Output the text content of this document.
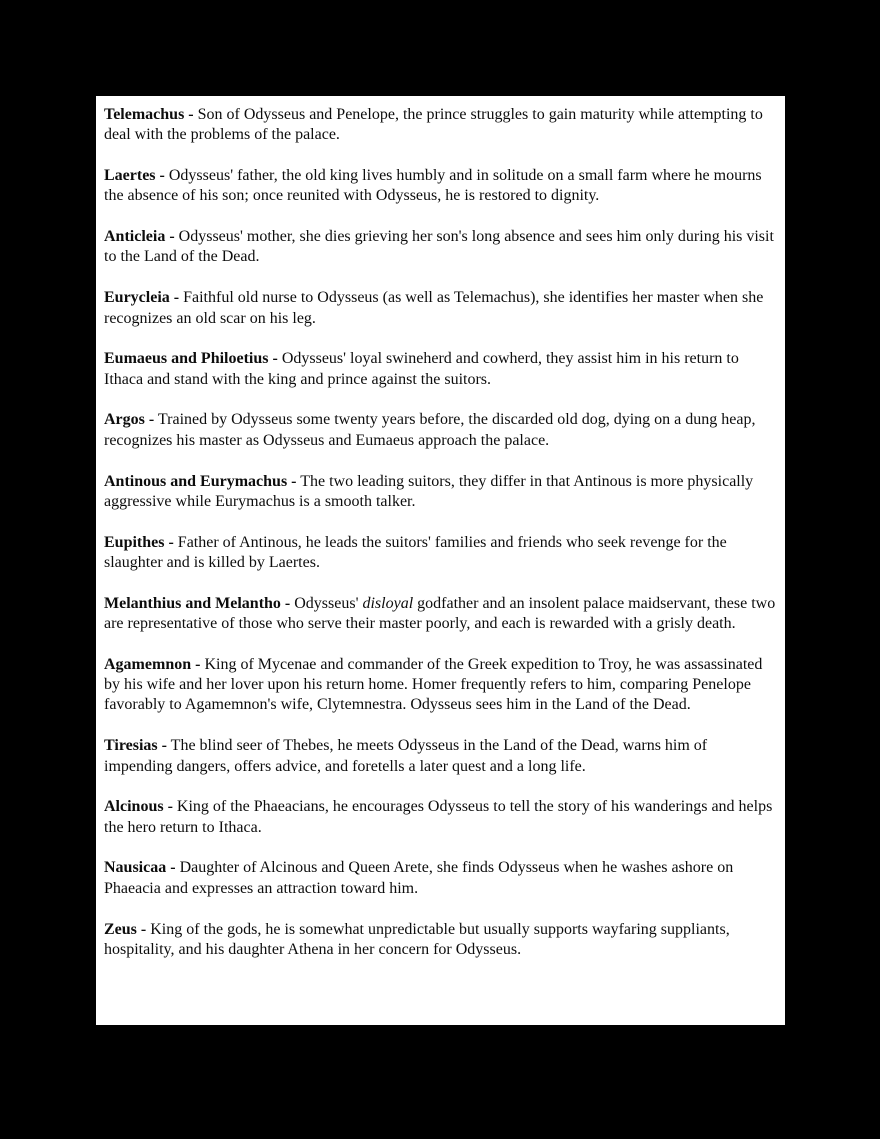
Telemachus - Son of Odysseus and Penelope, the prince struggles to gain maturity while attempting to deal with the problems of the palace.

Laertes - Odysseus' father, the old king lives humbly and in solitude on a small farm where he mourns the absence of his son; once reunited with Odysseus, he is restored to dignity.

Anticleia - Odysseus' mother, she dies grieving her son's long absence and sees him only during his visit to the Land of the Dead.

Eurycleia - Faithful old nurse to Odysseus (as well as Telemachus), she identifies her master when she recognizes an old scar on his leg.

Eumaeus and Philoetius - Odysseus' loyal swineherd and cowherd, they assist him in his return to Ithaca and stand with the king and prince against the suitors.

Argos - Trained by Odysseus some twenty years before, the discarded old dog, dying on a dung heap, recognizes his master as Odysseus and Eumaeus approach the palace.

Antinous and Eurymachus - The two leading suitors, they differ in that Antinous is more physically aggressive while Eurymachus is a smooth talker.

Eupithes - Father of Antinous, he leads the suitors' families and friends who seek revenge for the slaughter and is killed by Laertes.

Melanthius and Melantho - Odysseus' disloyal godfather and an insolent palace maidservant, these two are representative of those who serve their master poorly, and each is rewarded with a grisly death.

Agamemnon - King of Mycenae and commander of the Greek expedition to Troy, he was assassinated by his wife and her lover upon his return home. Homer frequently refers to him, comparing Penelope favorably to Agamemnon's wife, Clytemnestra. Odysseus sees him in the Land of the Dead.

Tiresias - The blind seer of Thebes, he meets Odysseus in the Land of the Dead, warns him of impending dangers, offers advice, and foretells a later quest and a long life.

Alcinous - King of the Phaeacians, he encourages Odysseus to tell the story of his wanderings and helps the hero return to Ithaca.

Nausicaa - Daughter of Alcinous and Queen Arete, she finds Odysseus when he washes ashore on Phaeacia and expresses an attraction toward him.

Zeus - King of the gods, he is somewhat unpredictable but usually supports wayfaring suppliants, hospitality, and his daughter Athena in her concern for Odysseus.
